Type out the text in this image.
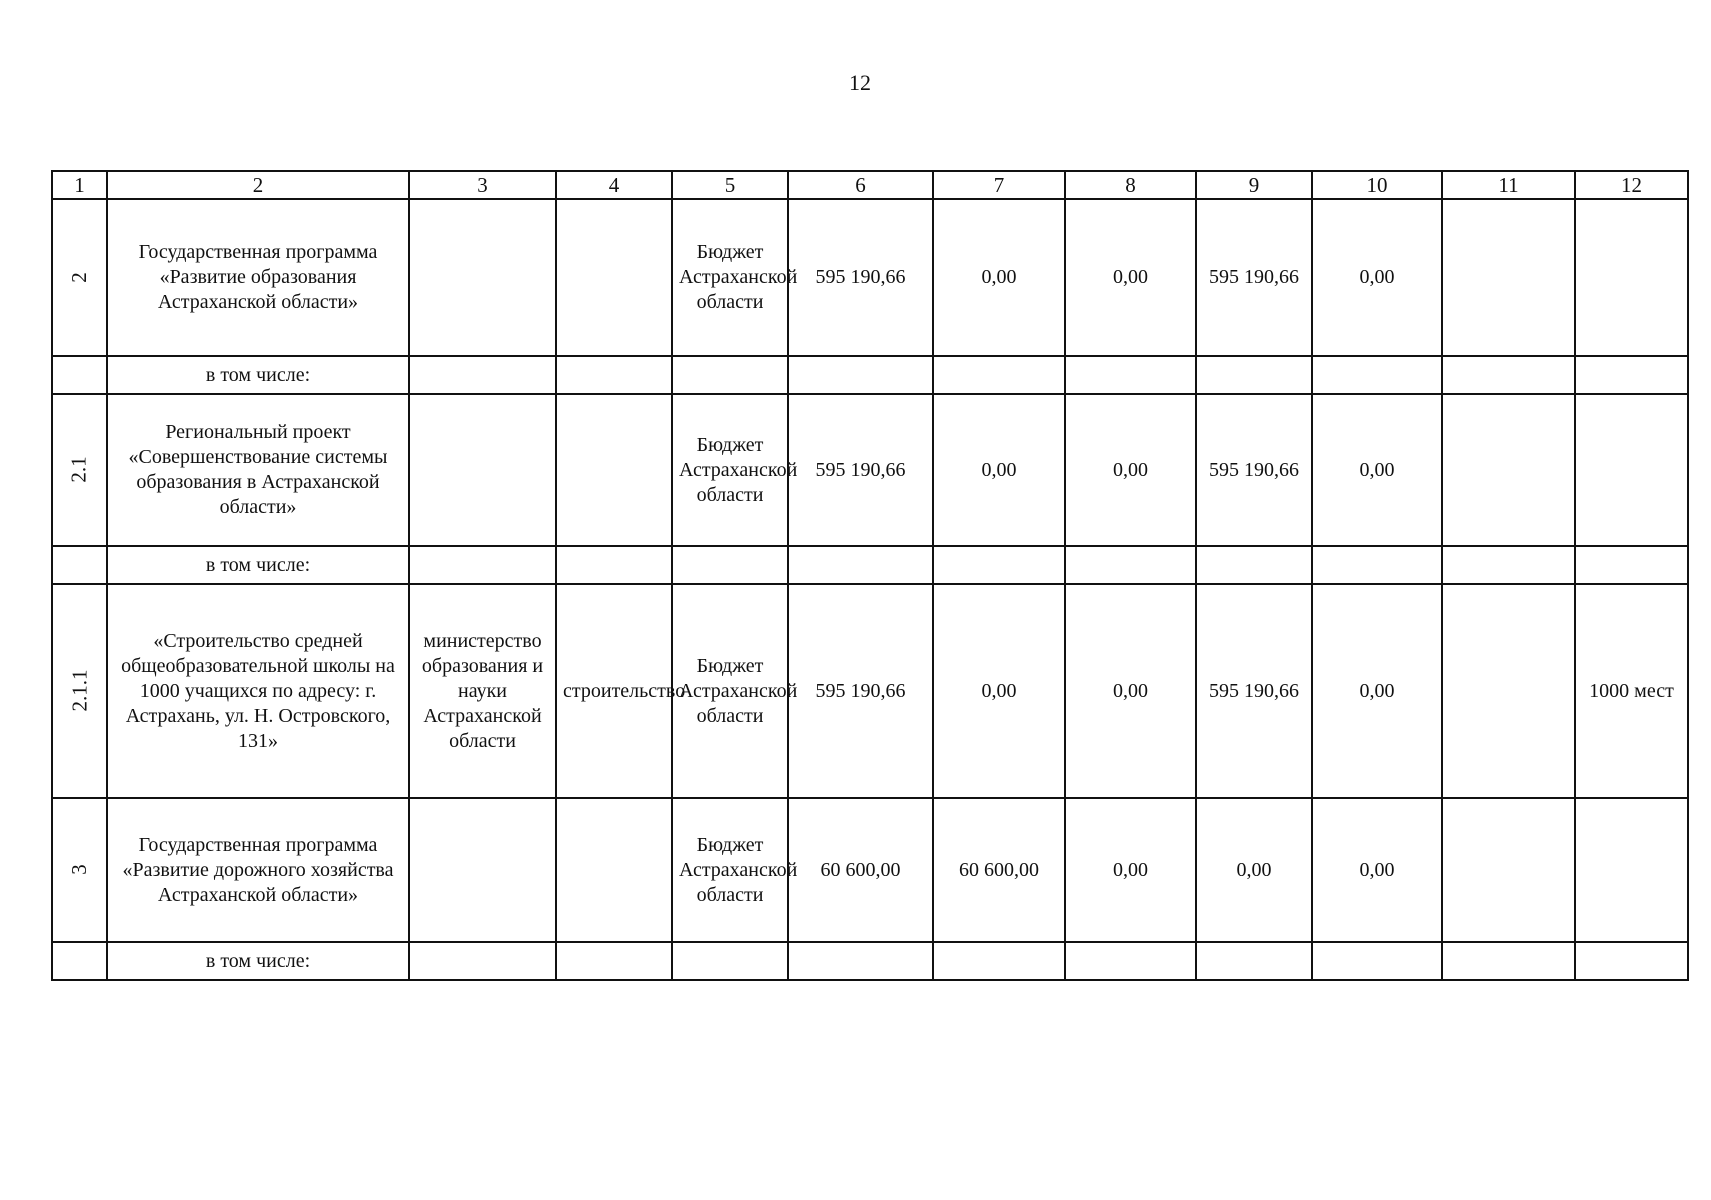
12
1	2	3	4	5	6	7	8	9	10	11	12
2	Государственная программа «Развитие образования Астраханской области»			Бюджет Астраханской области	595 190,66	0,00	0,00	595 190,66	0,00		
	в том числе:										
2.1	Региональный проект «Совершенствование системы образования в Астраханской области»			Бюджет Астраханской области	595 190,66	0,00	0,00	595 190,66	0,00		
	в том числе:										
2.1.1	«Строительство средней общеобразовательной школы на 1000 учащихся по адресу: г. Астрахань, ул. Н. Островского, 131»	министерство образования и науки Астраханской области	строительство	Бюджет Астраханской области	595 190,66	0,00	0,00	595 190,66	0,00		1000 мест
3	Государственная программа «Развитие дорожного хозяйства Астраханской области»			Бюджет Астраханской области	60 600,00	60 600,00	0,00	0,00	0,00		
	в том числе:										
